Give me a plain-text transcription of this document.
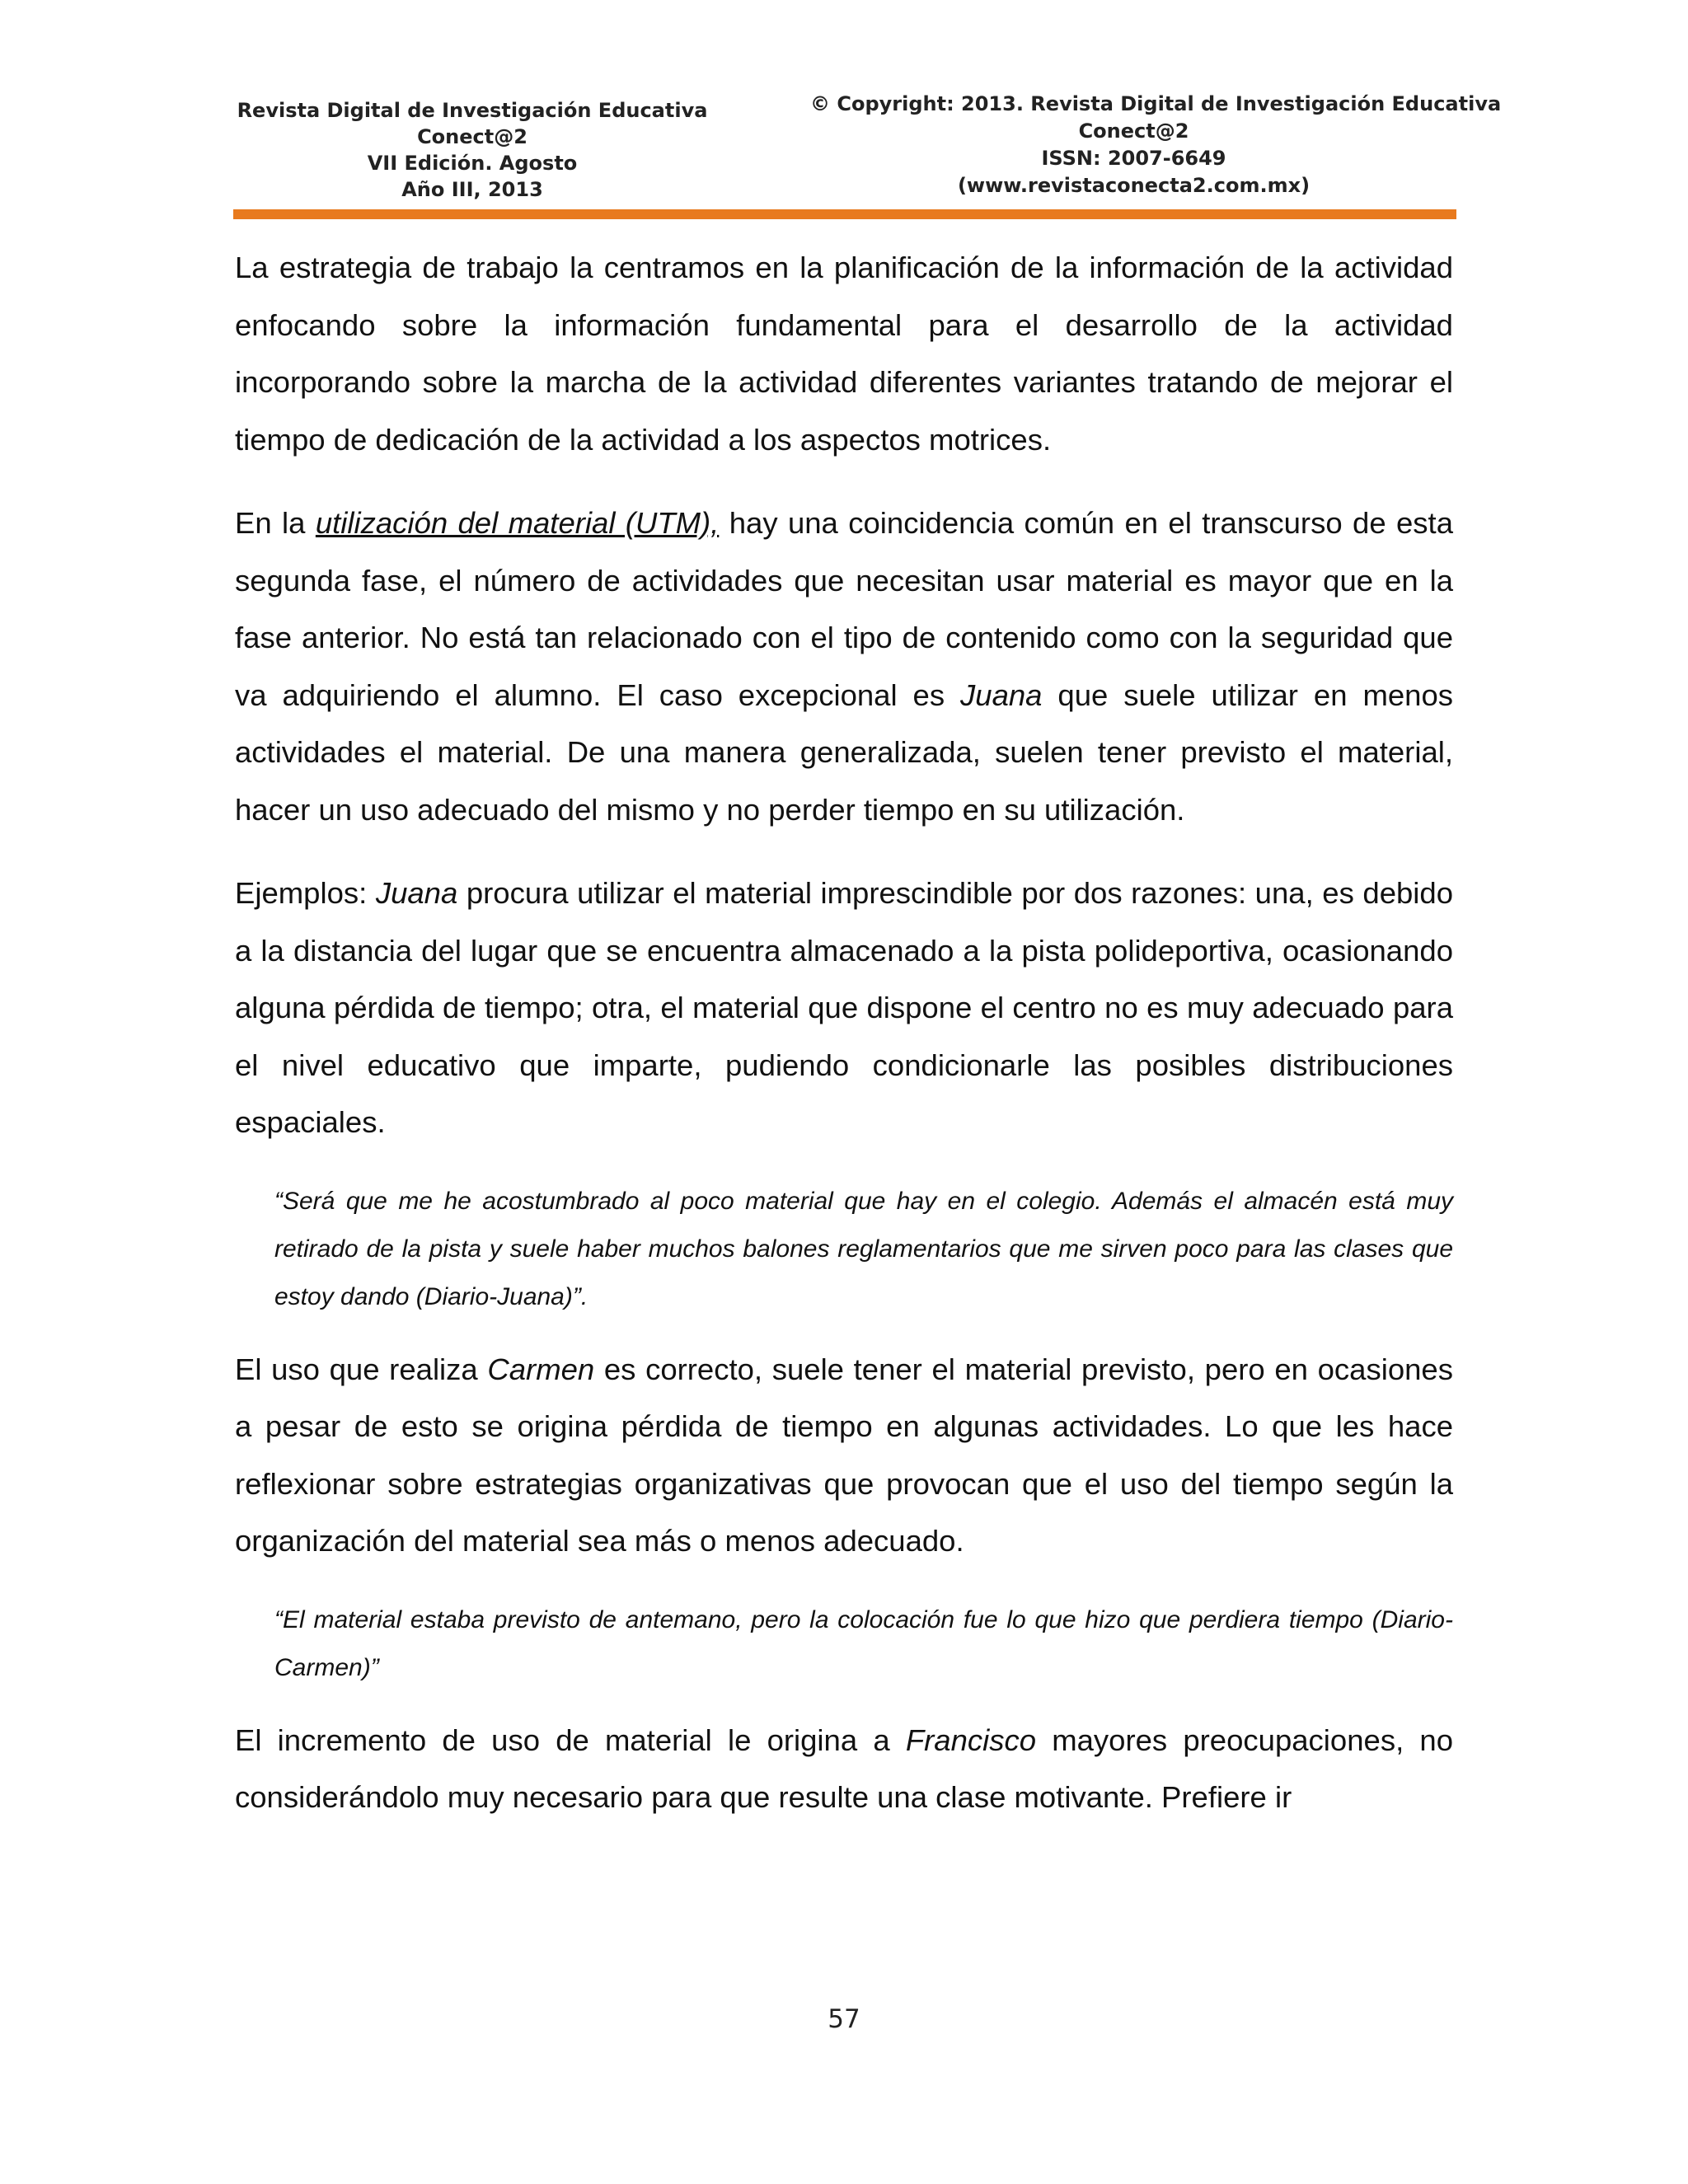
Revista Digital de Investigación Educativa
Conect@2
VII Edición. Agosto
Año III, 2013
© Copyright: 2013. Revista Digital de Investigación Educativa
Conect@2
ISSN: 2007-6649
(www.revistaconecta2.com.mx)

La estrategia de trabajo la centramos en la planificación de la información de la actividad enfocando sobre la información fundamental para el desarrollo de la actividad incorporando sobre la marcha de la actividad diferentes variantes tratando de mejorar el tiempo de dedicación de la actividad a los aspectos motrices.

En la utilización del material (UTM), hay una coincidencia común en el transcurso de esta segunda fase, el número de actividades que necesitan usar material es mayor que en la fase anterior. No está tan relacionado con el tipo de contenido como con la seguridad que va adquiriendo el alumno. El caso excepcional es Juana que suele utilizar en menos actividades el material. De una manera generalizada, suelen tener previsto el material, hacer un uso adecuado del mismo y no perder tiempo en su utilización.

Ejemplos: Juana procura utilizar el material imprescindible por dos razones: una, es debido a la distancia del lugar que se encuentra almacenado a la pista polideportiva, ocasionando alguna pérdida de tiempo; otra, el material que dispone el centro no es muy adecuado para el nivel educativo que imparte, pudiendo condicionarle las posibles distribuciones espaciales.

“Será que me he acostumbrado al poco material que hay en el colegio. Además el almacén está muy retirado de la pista y suele haber muchos balones reglamentarios que me sirven poco para las clases que estoy dando (Diario-Juana)”.

El uso que realiza Carmen es correcto, suele tener el material previsto, pero en ocasiones a pesar de esto se origina pérdida de tiempo en algunas actividades. Lo que les hace reflexionar sobre estrategias organizativas que provocan que el uso del tiempo según la organización del material sea más o menos adecuado.

“El material estaba previsto de antemano, pero la colocación fue lo que hizo que perdiera tiempo (Diario-Carmen)”

El incremento de uso de material le origina a Francisco mayores preocupaciones, no considerándolo muy necesario para que resulte una clase motivante. Prefiere ir

57
